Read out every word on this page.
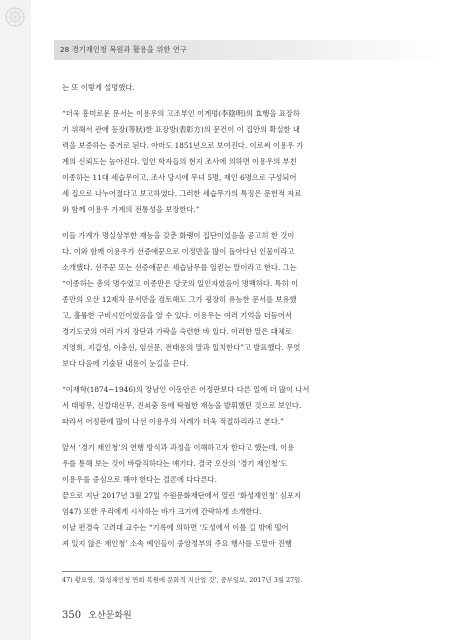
28 경기재인청 복원과 활용을 위한 연구

는 또 이렇게 설명했다.

“더욱 흥미로운 문서는 이용우의 고조부인 이게멍(李陰明)의 효행을 표장하

기 위해서 관에 등장(等狀)한 표장방(表彰方)의 문건이 이 집안의 확실한 내

력을 보증하는 증거로 된다. 아마도 1851년으로 보여진다. 이로써 이용우 가

계의 신뢰도는 높아진다. 일인 학자들의 현지 조사에 의하면 이용우의 부친

이종하는 11대 세습무이고, 조사 당시에 무녀 5명, 재인 6명으로 구성되어

세 집으로 나누어졌다고 보고하였다. 그러한 세습무가의 특징은 문헌적 자료

와 함께 이용우 가계의 전통성을 보장한다.”

이들 가계가 명실상부한 재능을 갖춘 화랭이 집단이었음을 공고히 한 것이

다. 이와 함께 이용우가 선증애꾼으로 이정만을 많이 돌아다닌 인물이라고

소개했다. 선주꾼 또는 선증애꾼은 세습남무를 일컫는 말이라고 한다. 그는

“이종하는 총의 명수였고 이종만은 당굿의 일인자였음이 명백하다. 특히 이

종만의 오산 12제차 문서만을 검토해도 그가 굉장히 유능한 문서를 보유했

고, 훌륭한 구비시인이었음을 알 수 있다. 이용우는 여러 기억을 더듬어서

경기도굿의 여러 가지 장단과 가락을 숙련한 바 있다. 이러한 말은 대체로

지영희, 지갑성, 이충선, 임선문, 전태용의 말과 일치한다”고 발표했다. 무엇

보다 다음에 기술된 내용이 눈길을 끈다.

“이재학(1874~1946)의 장남인 이동안은 어정판보다 다른 일에 더 많이 나서

서 태평무, 신칼대신무, 진쇠춤 등에 탁월한 재능을 발휘했던 것으로 보인다.

따라서 어정판에 많이 나선 이용우의 사례가 더욱 적절하리라고 본다.”

앞서 ‘경기 재인청’의 연행 방식과 과정을 이해하고자 한다고 했는데, 이용

우를 통해 보는 것이 바람직하다는 얘기다. 결국 오산의 ‘경기 재인청’도

이용우를 중심으로 해야 한다는 결론에 다다른다.

끝으로 지난 2017년 3월 27일 수원문화재단에서 열린 ‘화성재인청’ 심포지

엄47) 또한 우리에게 시사하는 바가 크기에 간략하게 소개한다.

이날 편경숙 고려대 교수는 “기록에 의하면 ‘도성에서 이틀 길 밖에 떨어

져 있지 않은 재인청’ 소속 예인들이 중앙정부의 주요 행사를 도맡아 진행

47) 황요영, ‘화성재인청 연희 복원에 문화적 지산업 것’, 중부일보, 2017년 3월 27일.
350 오산문화원
